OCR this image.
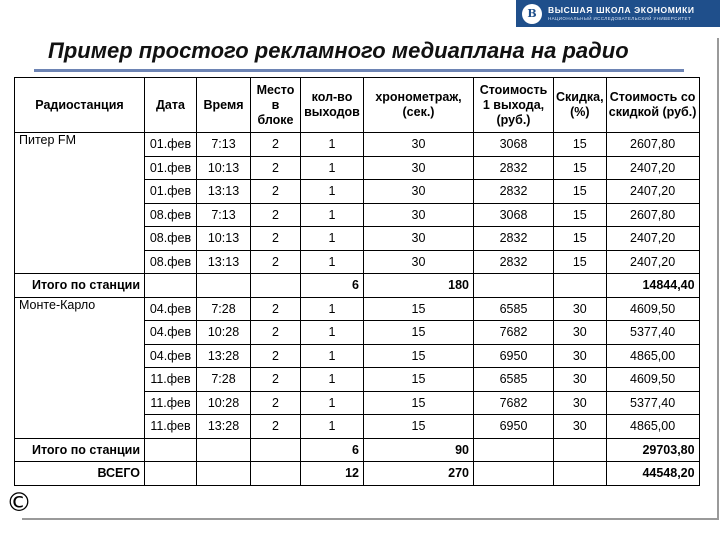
В	ВЫСШАЯ ШКОЛА ЭКОНОМИКИ
НАЦИОНАЛЬНЫЙ ИССЛЕДОВАТЕЛЬСКИЙ УНИВЕРСИТЕТ
Пример простого рекламного медиаплана на радио
Радиостанция	Дата	Время	Место в блоке	кол-во выходов	хронометраж, (сек.)	Стоимость 1 выхода, (руб.)	Скидка, (%)	Стоимость со скидкой (руб.)
Питер FM	01.фев	7:13	2	1	30	3068	15	2607,80
	01.фев	10:13	2	1	30	2832	15	2407,20
	01.фев	13:13	2	1	30	2832	15	2407,20
	08.фев	7:13	2	1	30	3068	15	2607,80
	08.фев	10:13	2	1	30	2832	15	2407,20
	08.фев	13:13	2	1	30	2832	15	2407,20
Итого по станции				6	180			14844,40
Монте-Карло	04.фев	7:28	2	1	15	6585	30	4609,50
	04.фев	10:28	2	1	15	7682	30	5377,40
	04.фев	13:28	2	1	15	6950	30	4865,00
	11.фев	7:28	2	1	15	6585	30	4609,50
	11.фев	10:28	2	1	15	7682	30	5377,40
	11.фев	13:28	2	1	15	6950	30	4865,00
Итого по станции				6	90			29703,80
ВСЕГО				12	270			44548,20
©
